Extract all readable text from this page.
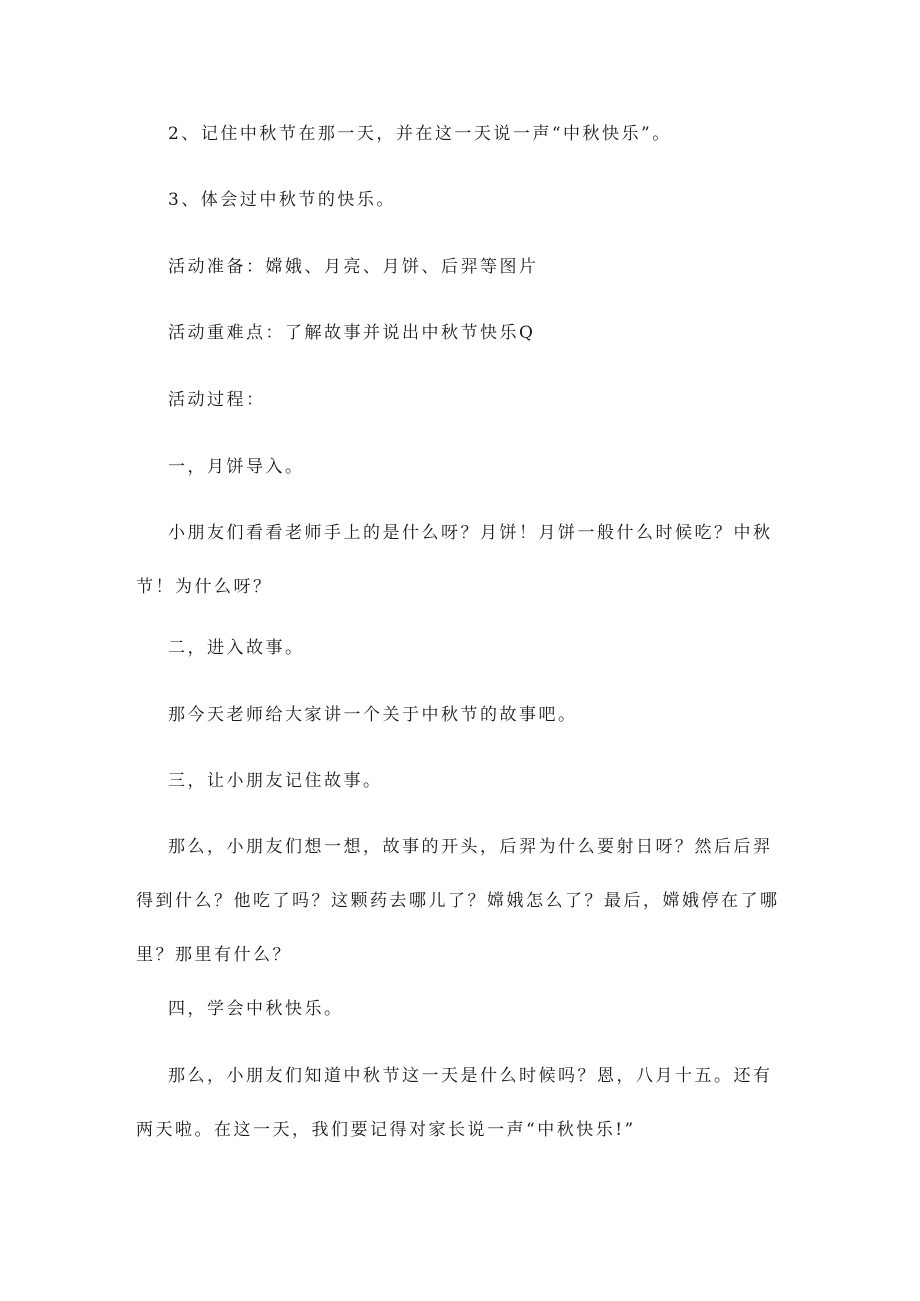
2、记住中秋节在那一天，并在这一天说一声“中秋快乐”。

3、体会过中秋节的快乐。

活动准备：嫦娥、月亮、月饼、后羿等图片

活动重难点：了解故事并说出中秋节快乐Q

活动过程：

一，月饼导入。

小朋友们看看老师手上的是什么呀？月饼！月饼一般什么时候吃？中秋节！为什么呀？

二，进入故事。

那今天老师给大家讲一个关于中秋节的故事吧。

三，让小朋友记住故事。

那么，小朋友们想一想，故事的开头，后羿为什么要射日呀？然后后羿得到什么？他吃了吗？这颗药去哪儿了？嫦娥怎么了？最后，嫦娥停在了哪里？那里有什么？

四，学会中秋快乐。

那么，小朋友们知道中秋节这一天是什么时候吗？恩，八月十五。还有两天啦。在这一天，我们要记得对家长说一声“中秋快乐!”
